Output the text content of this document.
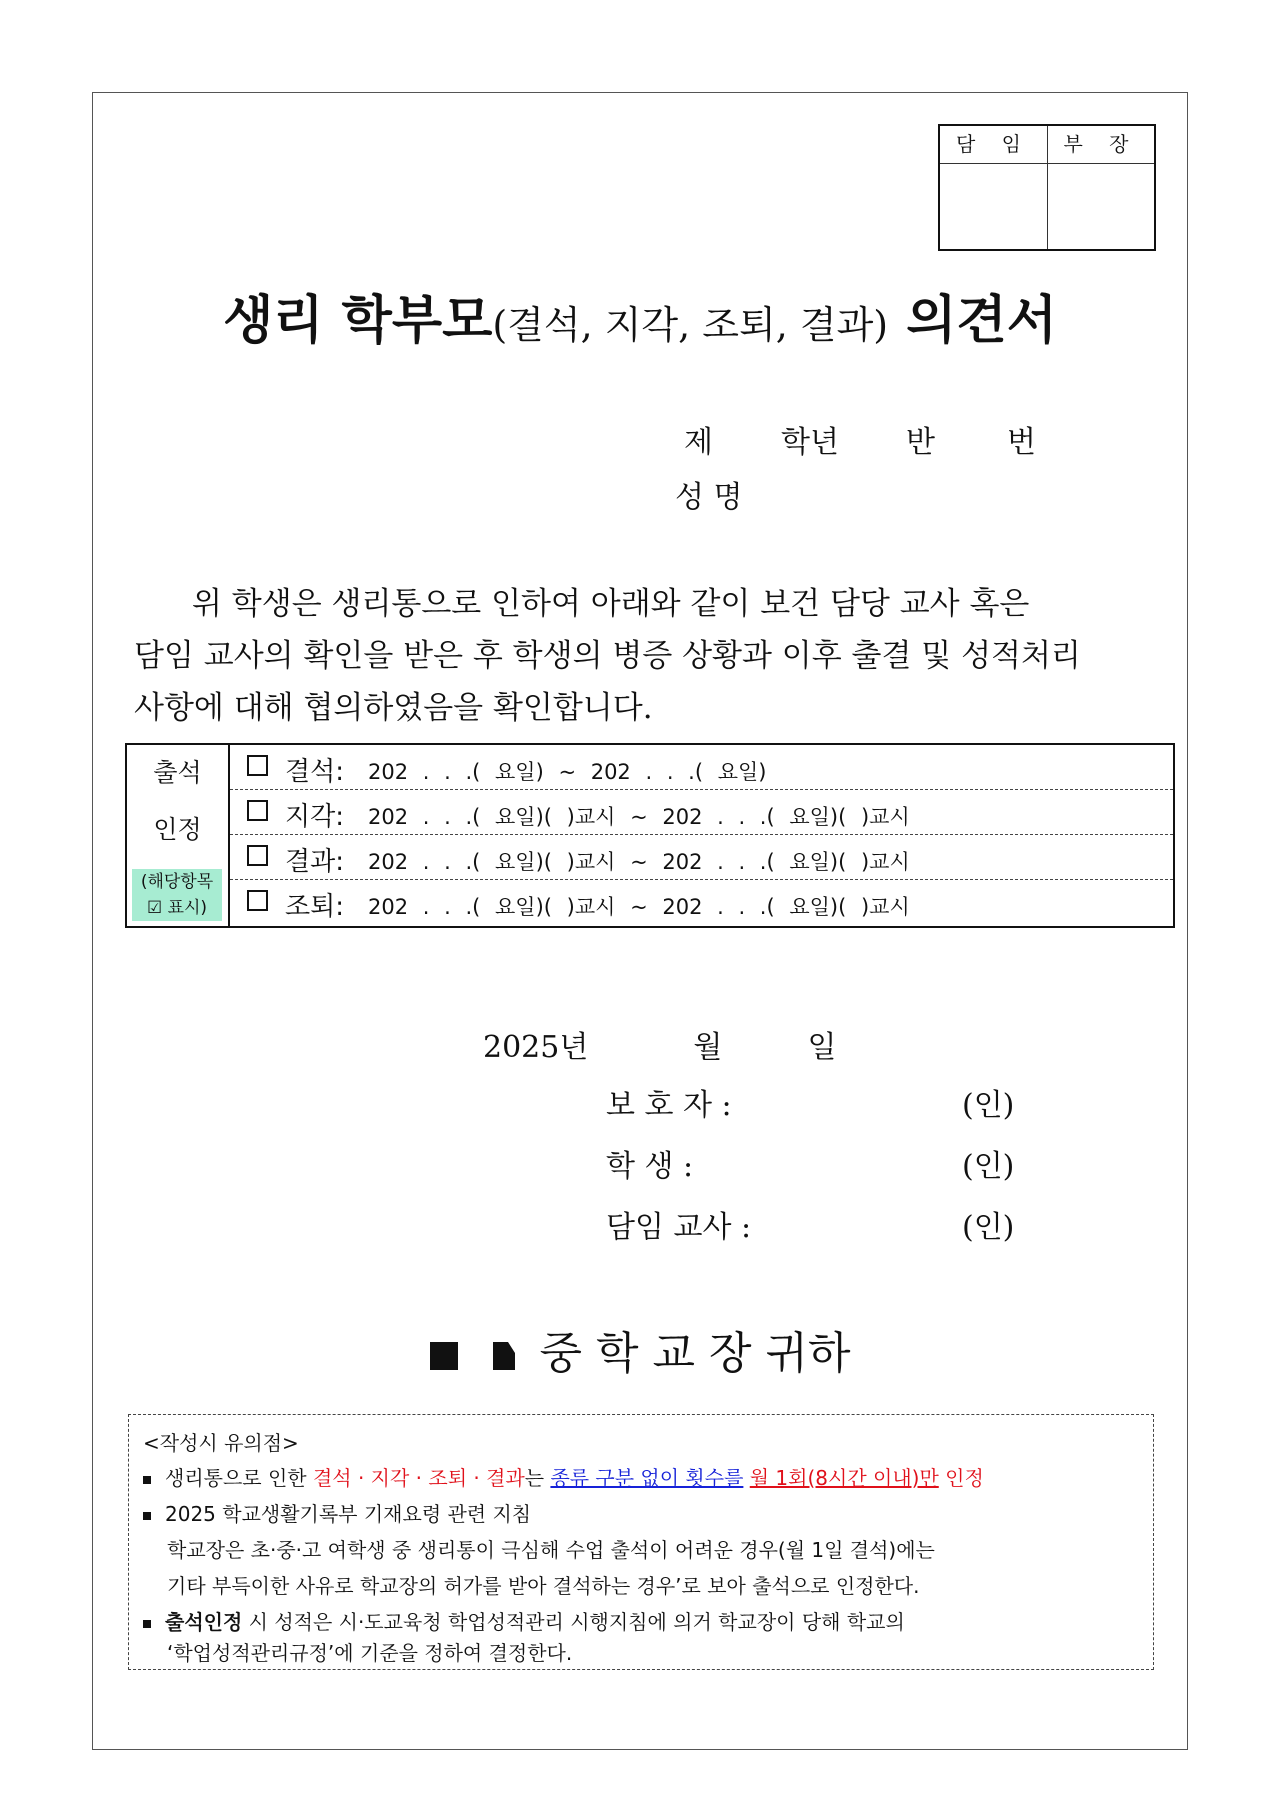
담 임	부 장
생리 학부모(결석, 지각, 조퇴, 결과) 의견서
제 학년 반 번
성 명
위 학생은 생리통으로 인하여 아래와 같이 보건 담당 교사 혹은
담임 교사의 확인을 받은 후 학생의 병증 상황과 이후 출결 및 성적처리
사항에 대해 협의하였음을 확인합니다.
출석
인정
(해당항목
☑ 표시)
결석: 202 . . .( 요일) ~ 202 . . .( 요일)
지각: 202 . . .( 요일)( )교시 ~ 202 . . .( 요일)( )교시
결과: 202 . . .( 요일)( )교시 ~ 202 . . .( 요일)( )교시
조퇴: 202 . . .( 요일)( )교시 ~ 202 . . .( 요일)( )교시
2025년	월	일
보 호 자 :	(인)
학 생 :	(인)
담임 교사 :	(인)
중 학 교 장 귀하
<작성시 유의점>
생리통으로 인한 결석 · 지각 · 조퇴 · 결과는 종류 구분 없이 횟수를 월 1회(8시간 이내)만 인정
2025 학교생활기록부 기재요령 관련 지침
학교장은 초·중·고 여학생 중 생리통이 극심해 수업 출석이 어려운 경우(월 1일 결석)에는
기타 부득이한 사유로 학교장의 허가를 받아 결석하는 경우’로 보아 출석으로 인정한다.
출석인정 시 성적은 시·도교육청 학업성적관리 시행지침에 의거 학교장이 당해 학교의
‘학업성적관리규정’에 기준을 정하여 결정한다.
